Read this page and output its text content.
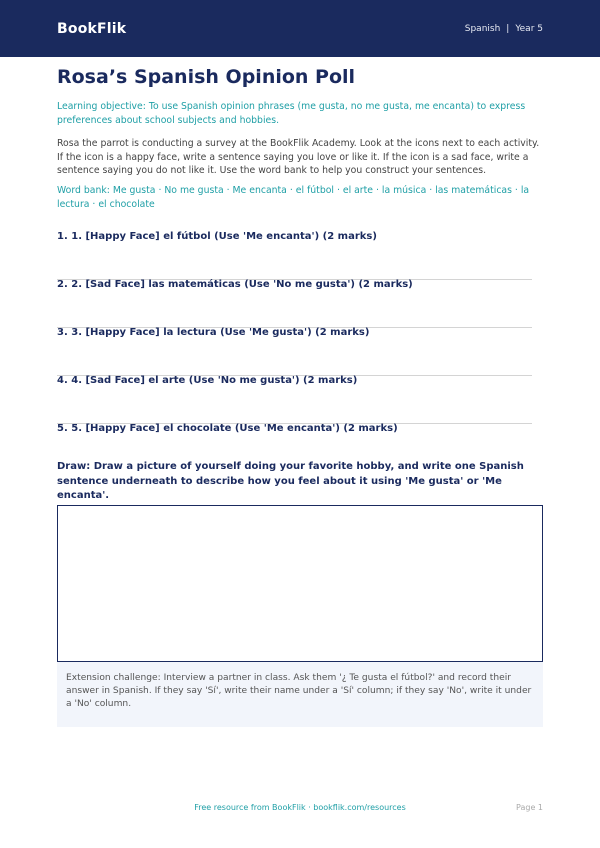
BookFlik	Spanish | Year 5
Rosa’s Spanish Opinion Poll

Learning objective: To use Spanish opinion phrases (me gusta, no me gusta, me encanta) to express preferences about school subjects and hobbies.

Rosa the parrot is conducting a survey at the BookFlik Academy. Look at the icons next to each activity. If the icon is a happy face, write a sentence saying you love or like it. If the icon is a sad face, write a sentence saying you do not like it. Use the word bank to help you construct your sentences.

Word bank: Me gusta · No me gusta · Me encanta · el fútbol · el arte · la música · las matemáticas · la lectura · el chocolate

1. 1. [Happy Face] el fútbol (Use 'Me encanta') (2 marks)
2. 2. [Sad Face] las matemáticas (Use 'No me gusta') (2 marks)
3. 3. [Happy Face] la lectura (Use 'Me gusta') (2 marks)
4. 4. [Sad Face] el arte (Use 'No me gusta') (2 marks)
5. 5. [Happy Face] el chocolate (Use 'Me encanta') (2 marks)

Draw: Draw a picture of yourself doing your favorite hobby, and write one Spanish sentence underneath to describe how you feel about it using 'Me gusta' or 'Me encanta'.

Extension challenge: Interview a partner in class. Ask them '¿ Te gusta el fútbol?' and record their answer in Spanish. If they say 'Sí', write their name under a 'Sí' column; if they say 'No', write it under a 'No' column.
Free resource from BookFlik · bookflik.com/resources	Page 1
